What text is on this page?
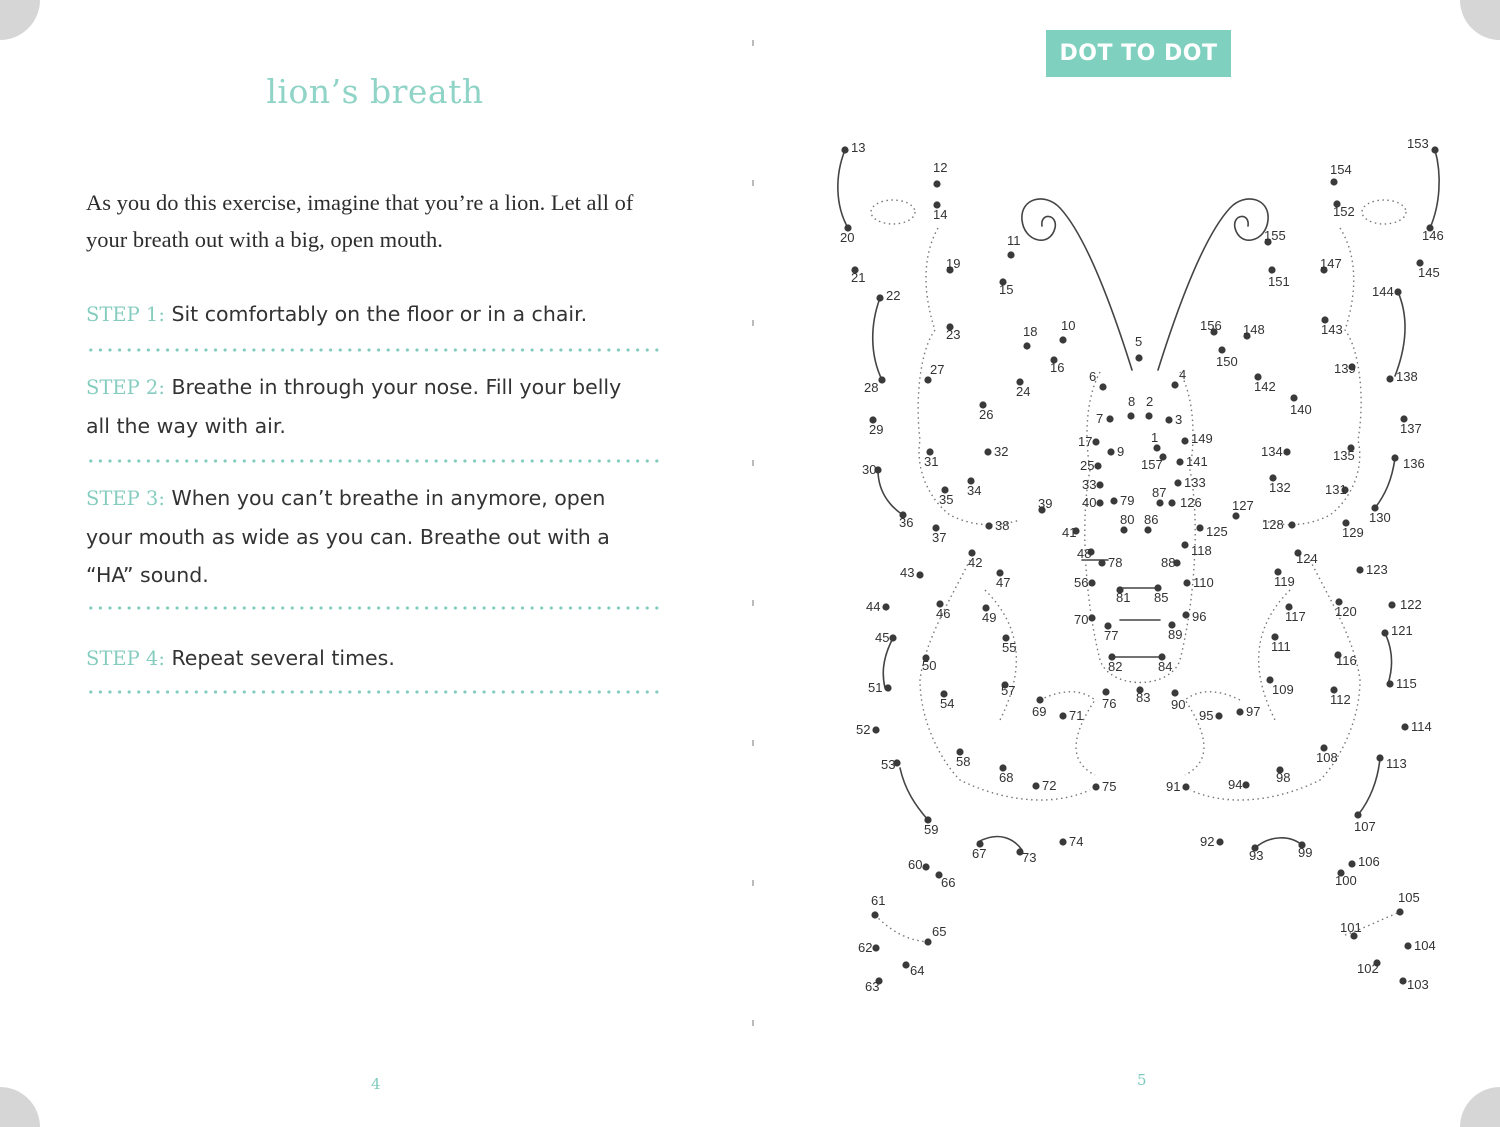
lion’s breath

As you do this exercise, imagine that you’re a lion. Let all of your breath out with a big, open mouth.

STEP 1: Sit comfortably on the floor or in a chair.

STEP 2: Breathe in through your nose. Fill your belly all the way with air.

STEP 3: When you can’t breathe in anymore, open your mouth as wide as you can. Breathe out with a “HA” sound.

STEP 4: Repeat several times.

4
DOT TO DOT
5
1
2
3
4
5
6
7
8
9
10
11
12
13
14
15
16
17
18
19
20
21
22
23
24
25
26
27
28
29
30
31
32
33
34
35
36
37
38
39 40
41
42
43
44
45
46
47
48
49
50
51
52
53
54
55
56
57
58
59
60
61
62
63
64
65
66
67
68
69
70
71
72
73
74
75
76
77
78
79
80
81
82
83
84
85
86
87
88
89
90
91
92
93
94
95
96
97
98
99
100
101
102
103
104
105
106
107
108
109
110
111
112
113
114
115
116
117
118
119
120
121
122
123
124
125
126 127
128
129
130
131
132
133
134	135
136
137
138
139
140
141
142
143
144
145
146
147
148
149
150
151
152
153
154
155
156
157
